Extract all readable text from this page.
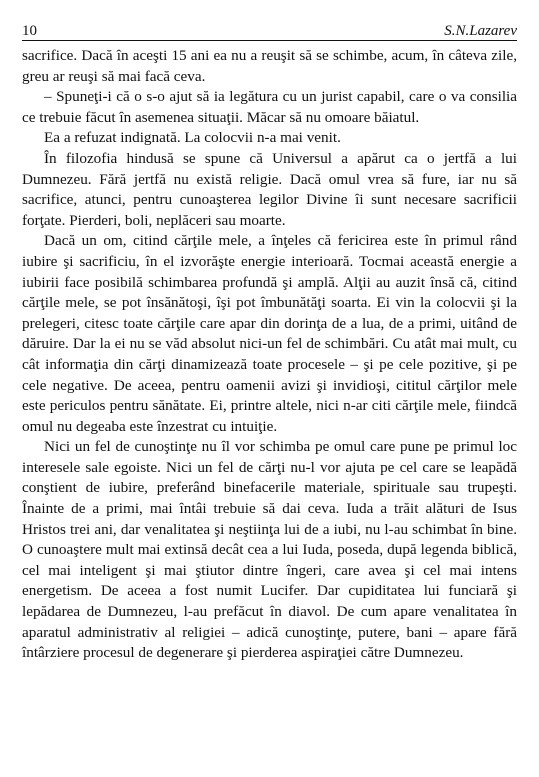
10	S.N.Lazarev

sacrifice. Dacă în aceşti 15 ani ea nu a reuşit să se schimbe, acum, în câteva zile, greu ar reuşi să mai facă ceva.

– Spuneţi-i că o s-o ajut să ia legătura cu un jurist capabil, care o va consilia ce trebuie făcut în asemenea situaţii. Măcar să nu omoare băiatul.

Ea a refuzat indignată. La colocvii n-a mai venit.

În filozofia hindusă se spune că Universul a apărut ca o jertfă a lui Dumnezeu. Fără jertfă nu există religie. Dacă omul vrea să fure, iar nu să sacrifice, atunci, pentru cunoaşterea legilor Divine îi sunt necesare sacrificii forţate. Pierderi, boli, neplăceri sau moarte.

Dacă un om, citind cărţile mele, a înţeles că fericirea este în primul rând iubire şi sacrificiu, în el izvorăşte energie interioară. Tocmai această energie a iubirii face posibilă schimbarea profundă şi amplă. Alţii au auzit însă că, citind cărţile mele, se pot însănătoşi, îşi pot îmbunătăţi soarta. Ei vin la colocvii şi la prelegeri, citesc toate cărţile care apar din dorinţa de a lua, de a primi, uitând de dăruire. Dar la ei nu se văd absolut nici-un fel de schimbări. Cu atât mai mult, cu cât informaţia din cărţi dinamizează toate procesele – şi pe cele pozitive, şi pe cele negative. De aceea, pentru oamenii avizi şi invidioşi, cititul cărţilor mele este periculos pentru sănătate. Ei, printre altele, nici n-ar citi cărţile mele, fiindcă omul nu degeaba este înzestrat cu intuiţie.

Nici un fel de cunoştinţe nu îl vor schimba pe omul care pune pe primul loc interesele sale egoiste. Nici un fel de cărţi nu-l vor ajuta pe cel care se leapădă conştient de iubire, preferând binefacerile materiale, spirituale sau trupeşti. Înainte de a primi, mai întâi trebuie să dai ceva. Iuda a trăit alături de Isus Hristos trei ani, dar venalitatea şi neştiinţa lui de a iubi, nu l-au schimbat în bine. O cunoaştere mult mai extinsă decât cea a lui Iuda, poseda, după legenda biblică, cel mai inteligent şi mai ştiutor dintre îngeri, care avea şi cel mai intens energetism. De aceea a fost numit Lucifer. Dar cupiditatea lui funciară şi lepădarea de Dumnezeu, l-au prefăcut în diavol. De cum apare venalitatea în aparatul administrativ al religiei – adică cunoştinţe, putere, bani – apare fără întârziere procesul de degenerare şi pierderea aspiraţiei către Dumnezeu.
